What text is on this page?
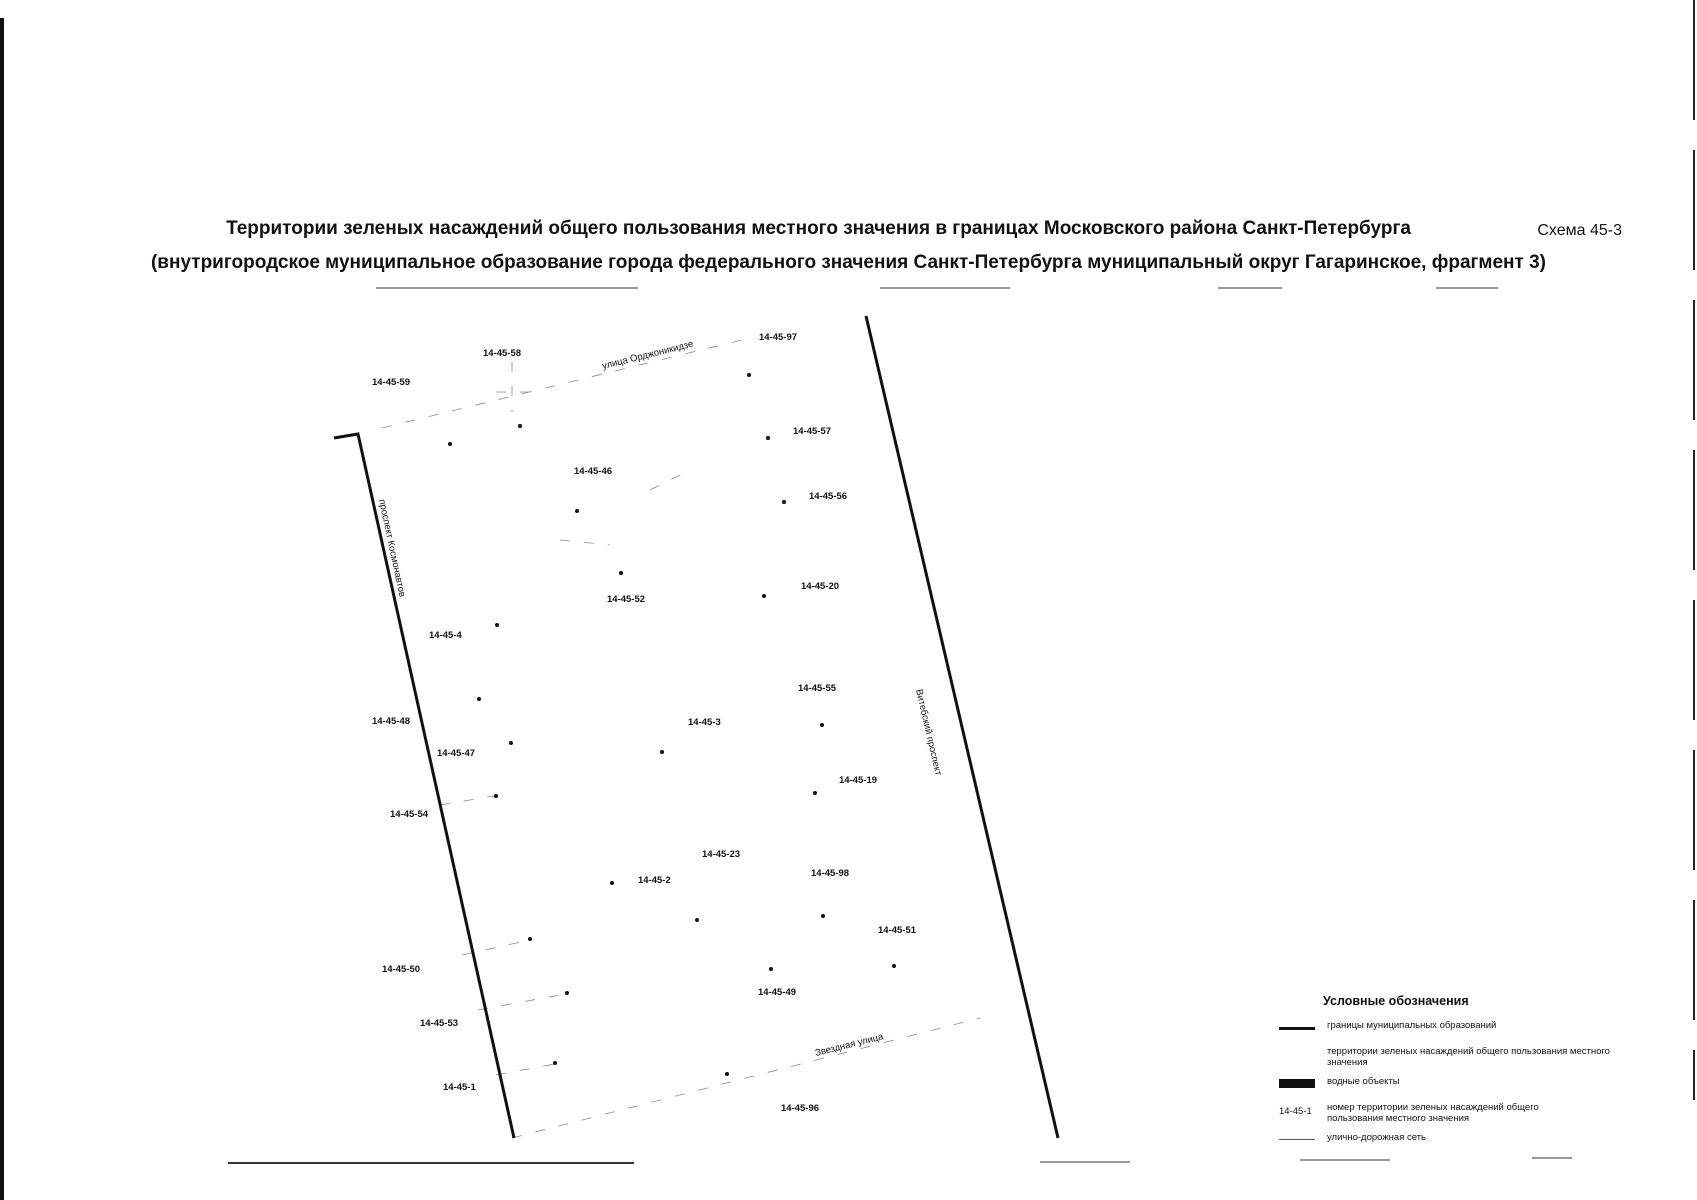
Территории зеленых насаждений общего пользования местного значения в границах Московского района Санкт-Петербурга
(внутригородское муниципальное образование города федерального значения Санкт-Петербурга муниципальный округ Гагаринское, фрагмент 3)
Схема 45-3
улица Орджоникидзе
проспект Космонавтов
Витебский проспект
Звездная улица
14-45-58
14-45-97
14-45-59
14-45-57
14-45-46
14-45-56
14-45-20
14-45-52
14-45-4
14-45-55
14-45-48	14-45-3
14-45-47
14-45-19
14-45-54
14-45-23
14-45-98
14-45-2
14-45-51
14-45-50
14-45-49
14-45-53
14-45-1
14-45-96
Условные обозначения
границы муниципальных образований
территории зеленых насаждений общего пользования местного значения
водные объекты
14-45-1 номер территории зеленых насаждений общего пользования местного значения
улично-дорожная сеть
